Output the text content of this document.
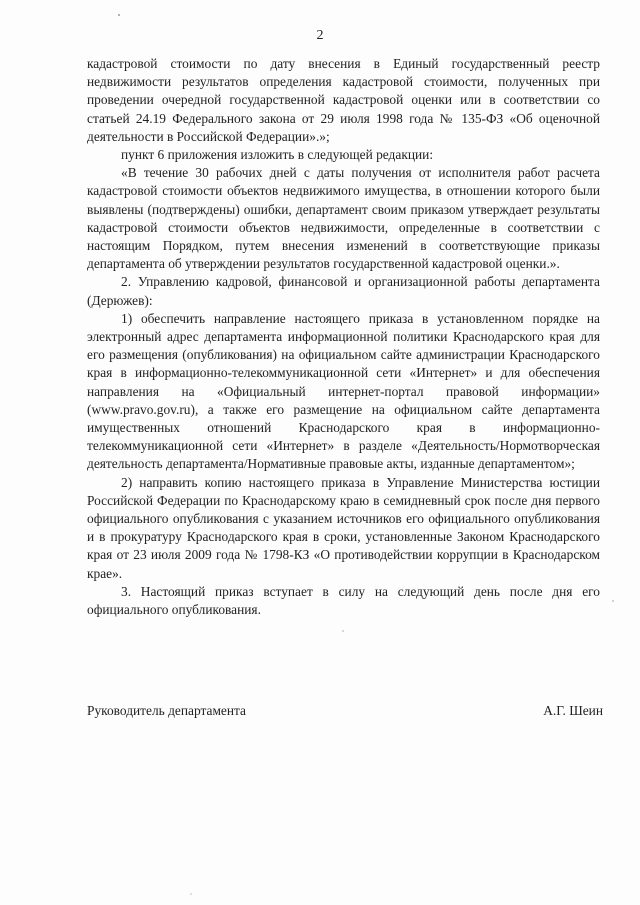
2

кадастровой стоимости по дату внесения в Единый государственный реестр недвижимости результатов определения кадастровой стоимости, полученных при проведении очередной государственной кадастровой оценки или в соответствии со статьей 24.19 Федерального закона от 29 июля 1998 года № 135-ФЗ «Об оценочной деятельности в Российской Федерации».»;

пункт 6 приложения изложить в следующей редакции:

«В течение 30 рабочих дней с даты получения от исполнителя работ расчета кадастровой стоимости объектов недвижимого имущества, в отношении которого были выявлены (подтверждены) ошибки, департамент своим приказом утверждает результаты кадастровой стоимости объектов недвижимости, определенные в соответствии с настоящим Порядком, путем внесения изменений в соответствующие приказы департамента об утверждении результатов государственной кадастровой оценки.».

2. Управлению кадровой, финансовой и организационной работы департамента (Дерюжев):

1) обеспечить направление настоящего приказа в установленном порядке на электронный адрес департамента информационной политики Краснодарского края для его размещения (опубликования) на официальном сайте администрации Краснодарского края в информационно-телекоммуникационной сети «Интернет» и для обеспечения направления на «Официальный интернет-портал правовой информации» (www.pravo.gov.ru), а также его размещение на официальном сайте департамента имущественных отношений Краснодарского края в информационно-телекоммуникационной сети «Интернет» в разделе «Деятельность/Нормотворческая деятельность департамента/Нормативные правовые акты, изданные департаментом»;

2) направить копию настоящего приказа в Управление Министерства юстиции Российской Федерации по Краснодарскому краю в семидневный срок после дня первого официального опубликования с указанием источников его официального опубликования и в прокуратуру Краснодарского края в сроки, установленные Законом Краснодарского края от 23 июля 2009 года № 1798-КЗ «О противодействии коррупции в Краснодарском крае».

3. Настоящий приказ вступает в силу на следующий день после дня его официального опубликования.

Руководитель департамента	А.Г. Шеин
